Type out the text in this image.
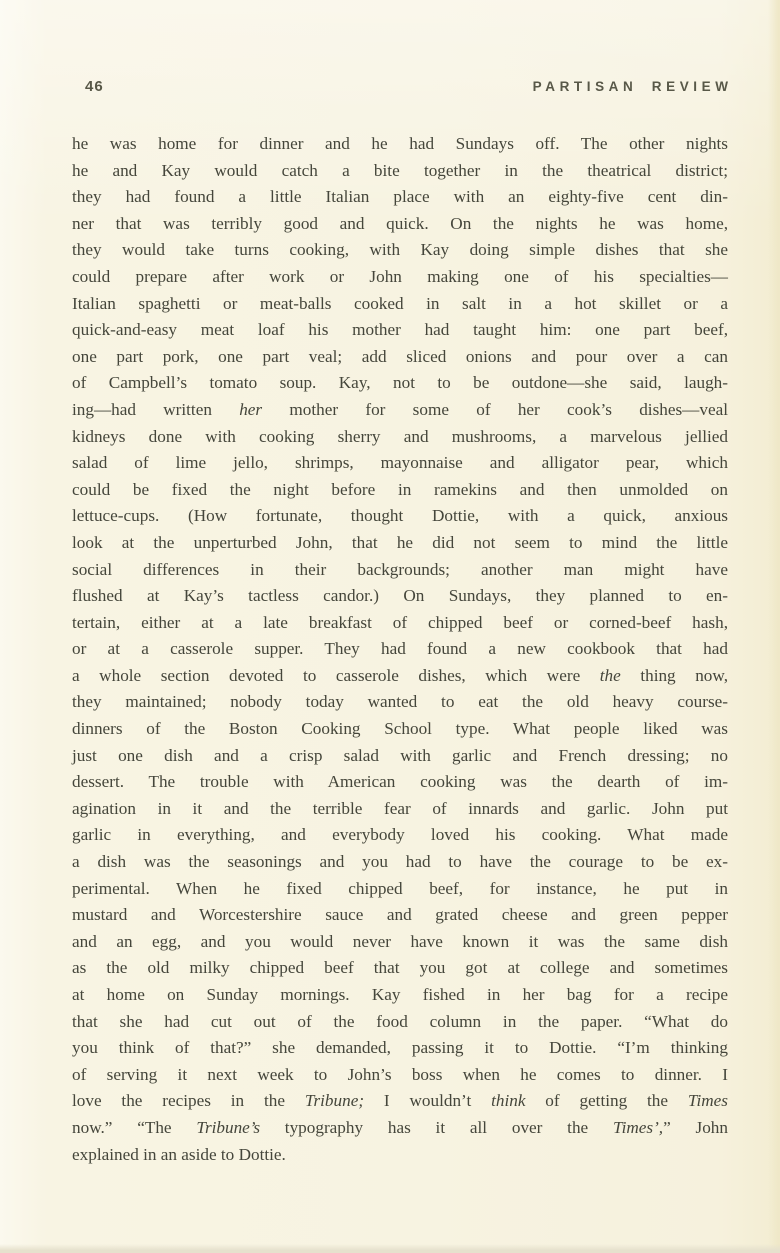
46	PARTISAN REVIEW
he was home for dinner and he had Sundays off. The other nights
he and Kay would catch a bite together in the theatrical district;
they had found a little Italian place with an eighty-five cent din-
ner that was terribly good and quick. On the nights he was home,
they would take turns cooking, with Kay doing simple dishes that she
could prepare after work or John making one of his specialties—
Italian spaghetti or meat-balls cooked in salt in a hot skillet or a
quick-and-easy meat loaf his mother had taught him: one part beef,
one part pork, one part veal; add sliced onions and pour over a can
of Campbell’s tomato soup. Kay, not to be outdone—she said, laugh-
ing—had written her mother for some of her cook’s dishes—veal
kidneys done with cooking sherry and mushrooms, a marvelous jellied
salad of lime jello, shrimps, mayonnaise and alligator pear, which
could be fixed the night before in ramekins and then unmolded on
lettuce-cups. (How fortunate, thought Dottie, with a quick, anxious
look at the unperturbed John, that he did not seem to mind the little
social differences in their backgrounds; another man might have
flushed at Kay’s tactless candor.) On Sundays, they planned to en-
tertain, either at a late breakfast of chipped beef or corned-beef hash,
or at a casserole supper. They had found a new cookbook that had
a whole section devoted to casserole dishes, which were the thing now,
they maintained; nobody today wanted to eat the old heavy course-
dinners of the Boston Cooking School type. What people liked was
just one dish and a crisp salad with garlic and French dressing; no
dessert. The trouble with American cooking was the dearth of im-
agination in it and the terrible fear of innards and garlic. John put
garlic in everything, and everybody loved his cooking. What made
a dish was the seasonings and you had to have the courage to be ex-
perimental. When he fixed chipped beef, for instance, he put in
mustard and Worcestershire sauce and grated cheese and green pepper
and an egg, and you would never have known it was the same dish
as the old milky chipped beef that you got at college and sometimes
at home on Sunday mornings. Kay fished in her bag for a recipe
that she had cut out of the food column in the paper. “What do
you think of that?” she demanded, passing it to Dottie. “I’m thinking
of serving it next week to John’s boss when he comes to dinner. I
love the recipes in the Tribune; I wouldn’t think of getting the Times
now.” “The Tribune’s typography has it all over the Times’,” John
explained in an aside to Dottie.
